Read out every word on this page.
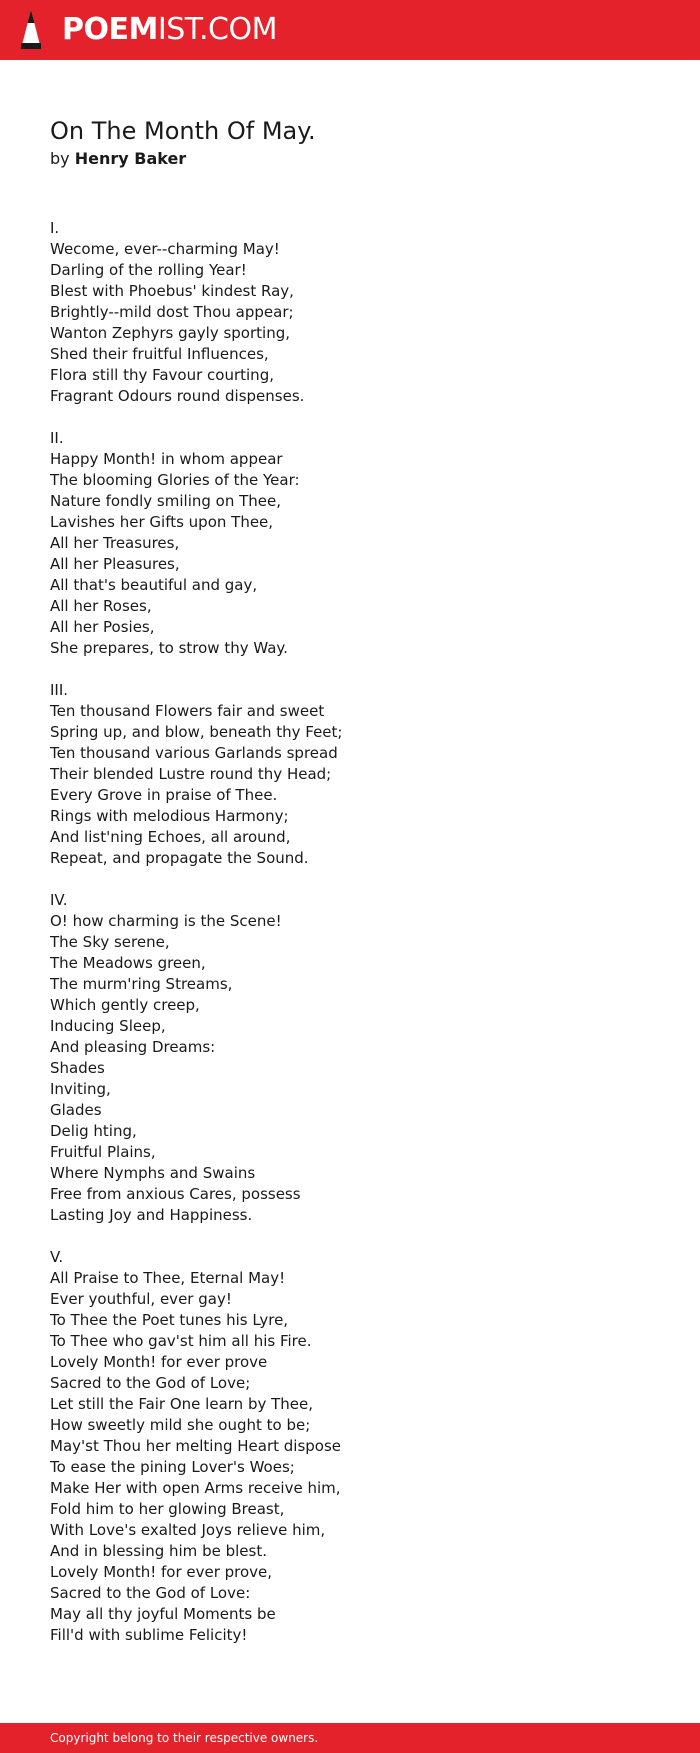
POEMIST.COM
On The Month Of May.
by Henry Baker
I.
Wecome, ever--charming May!
Darling of the rolling Year!
Blest with Phoebus' kindest Ray,
Brightly--mild dost Thou appear;
Wanton Zephyrs gayly sporting,
Shed their fruitful Influences,
Flora still thy Favour courting,
Fragrant Odours round dispenses.
II.
Happy Month! in whom appear
The blooming Glories of the Year:
Nature fondly smiling on Thee,
Lavishes her Gifts upon Thee,
All her Treasures,
All her Pleasures,
All that's beautiful and gay,
All her Roses,
All her Posies,
She prepares, to strow thy Way.
III.
Ten thousand Flowers fair and sweet
Spring up, and blow, beneath thy Feet;
Ten thousand various Garlands spread
Their blended Lustre round thy Head;
Every Grove in praise of Thee.
Rings with melodious Harmony;
And list'ning Echoes, all around,
Repeat, and propagate the Sound.
IV.
O! how charming is the Scene!
The Sky serene,
The Meadows green,
The murm'ring Streams,
Which gently creep,
Inducing Sleep,
And pleasing Dreams:
Shades
Inviting,
Glades
Delig hting,
Fruitful Plains,
Where Nymphs and Swains
Free from anxious Cares, possess
Lasting Joy and Happiness.
V.
All Praise to Thee, Eternal May!
Ever youthful, ever gay!
To Thee the Poet tunes his Lyre,
To Thee who gav'st him all his Fire.
Lovely Month! for ever prove
Sacred to the God of Love;
Let still the Fair One learn by Thee,
How sweetly mild she ought to be;
May'st Thou her melting Heart dispose
To ease the pining Lover's Woes;
Make Her with open Arms receive him,
Fold him to her glowing Breast,
With Love's exalted Joys relieve him,
And in blessing him be blest.
Lovely Month! for ever prove,
Sacred to the God of Love:
May all thy joyful Moments be
Fill'd with sublime Felicity!
Copyright belong to their respective owners.
